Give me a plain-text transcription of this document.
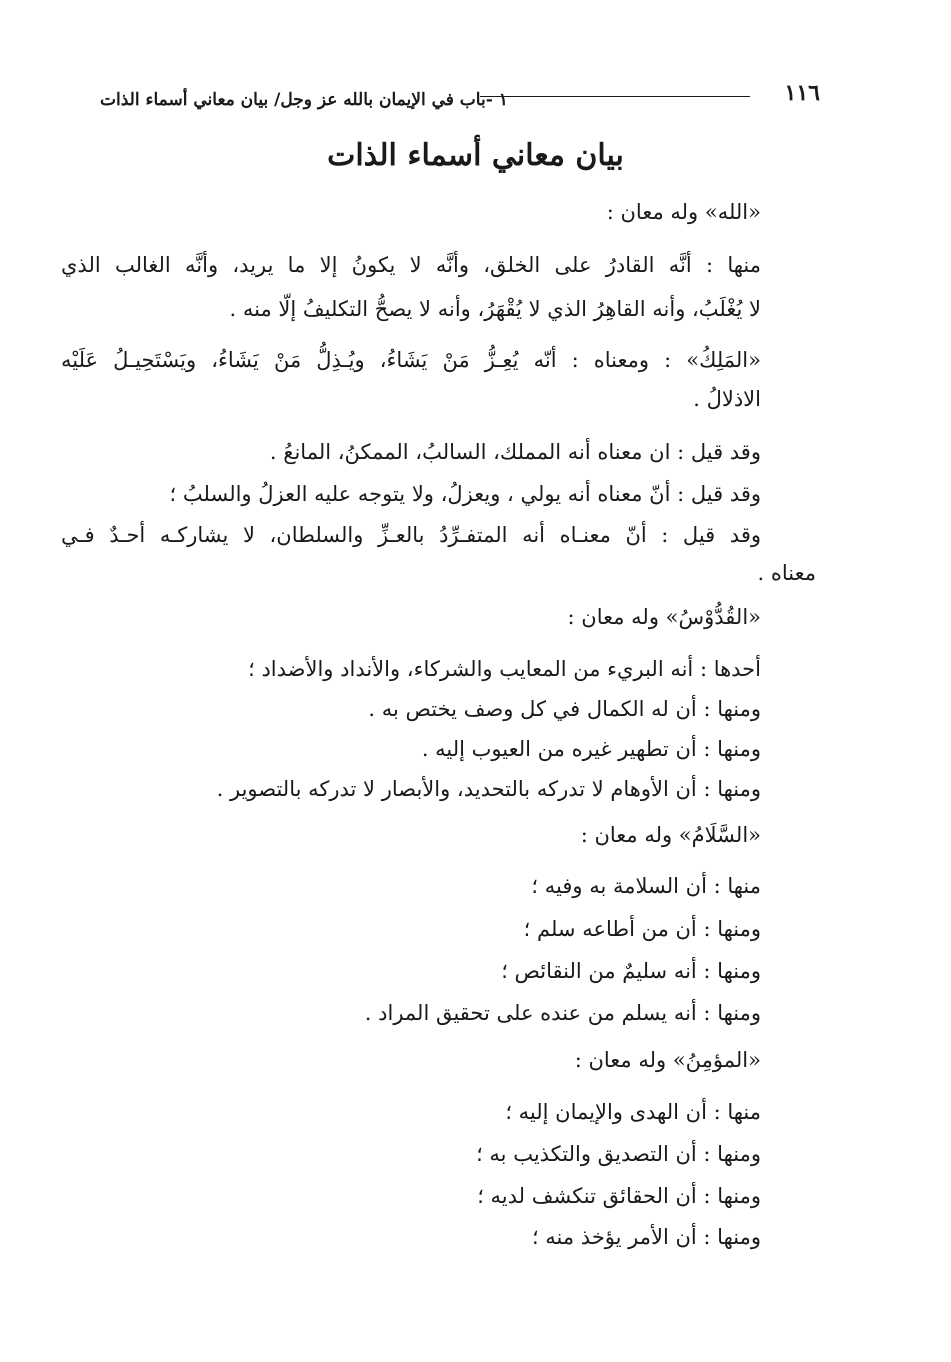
١١٦
١ -باب في الإيمان بالله عز وجل/ بيان معاني أسماء الذات
بيان معاني أسماء الذات
«الله» وله معان :
منها : أنَّه القادرُ على الخلق، وأنَّه لا يكونُ إلا ما يريد، وأنَّه الغالب الذي
لا يُغْلَبُ، وأنه القاهِرُ الذي لا يُقْهَرُ، وأنه لا يصحُّ التكليفُ إلّا منه .
«المَلِكُ» : ومعناه : أنّه يُعِـزُّ مَنْ يَشَاءُ، ويُـذِلُّ مَنْ يَشَاءُ، ويَسْتَحِيـلُ عَلَيْه
الاذلالُ .
وقد قيل : ان معناه أنه المملك، السالبُ، الممكنُ، المانعُ .
وقد قيل : أنّ معناه أنه يولي ، ويعزلُ، ولا يتوجه عليه العزلُ والسلبُ ؛
وقد قيل : أنّ معنـاه أنه المتفـرِّدُ بالعـزِّ والسلطان، لا يشاركـه أحـدٌ فـي
معناه .
«القُدُّوْسُ» وله معان :
أحدها : أنه البريء من المعايب والشركاء، والأنداد والأضداد ؛
ومنها : أن له الكمال في كل وصف يختص به .
ومنها : أن تطهير غيره من العيوب إليه .
ومنها : أن الأوهام لا تدركه بالتحديد، والأبصار لا تدركه بالتصوير .
«السَّلَامُ» وله معان :
منها : أن السلامة به وفيه ؛
ومنها : أن من أطاعه سلم ؛
ومنها : أنه سليمٌ من النقائص ؛
ومنها : أنه يسلم من عنده على تحقيق المراد .
«المؤمِنُ» وله معان :
منها : أن الهدى والإيمان إليه ؛
ومنها : أن التصديق والتكذيب به ؛
ومنها : أن الحقائق تنكشف لديه ؛
ومنها : أن الأمر يؤخذ منه ؛
